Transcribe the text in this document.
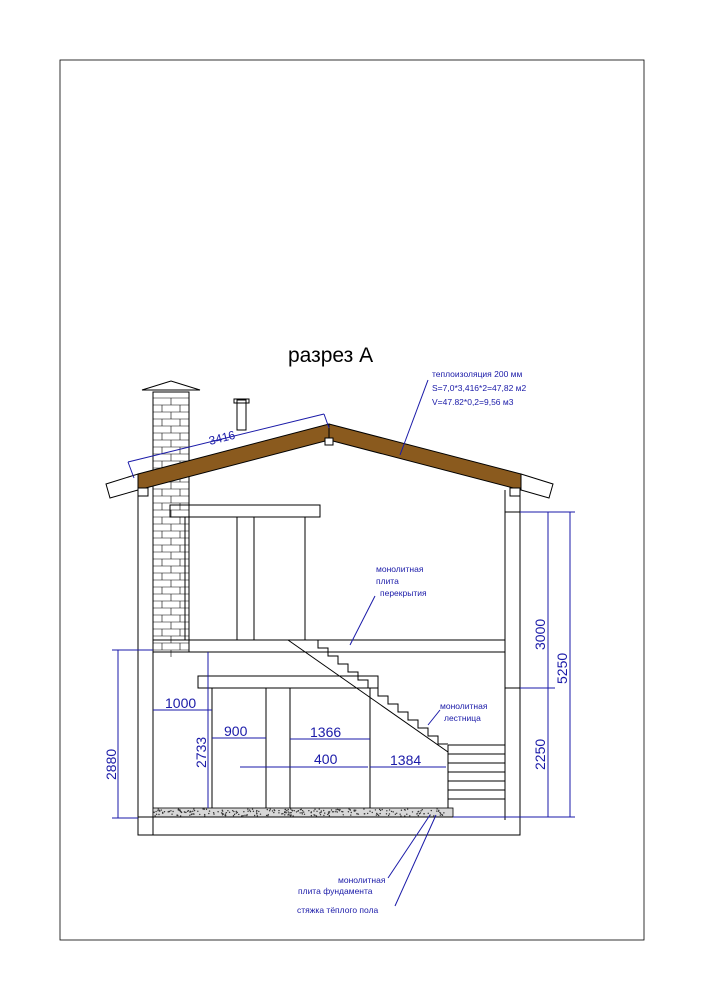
разрез А
теплоизоляция 200 мм
S=7,0*3,416*2=47,82 м2
V=47.82*0,2=9,56 м3
монолитная
плита
перекрытия
монолитная
лестница
монолитная
плита фундамента
стяжка тёплого пола
3416
3000
5250
2250
2880	2733
1000
900	1366
400	1384
